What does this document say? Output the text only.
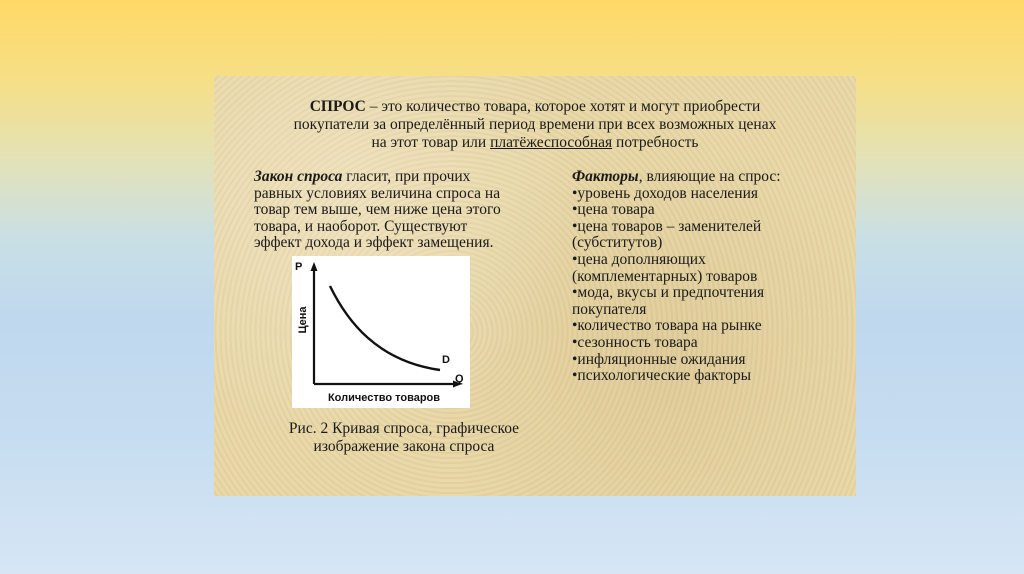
СПРОС – это количество товара, которое хотят и могут приобрести
покупатели за определённый период времени при всех возможных ценах
на этот товар или платёжеспособная потребность
Закон спроса гласит, при прочих
равных условиях величина спроса на
товар тем выше, чем ниже цена этого
товара, и наоборот. Существуют
эффект дохода и эффект замещения.
P
Q
D
Цена
Количество товаров
Рис. 2 Кривая спроса, графическое
изображение закона спроса
Факторы, влияющие на спрос:
•уровень доходов населения
•цена товара
•цена товаров – заменителей
(субститутов)
•цена дополняющих
(комплементарных) товаров
•мода, вкусы и предпочтения
покупателя
•количество товара на рынке
•сезонность товара
•инфляционные ожидания
•психологические факторы
